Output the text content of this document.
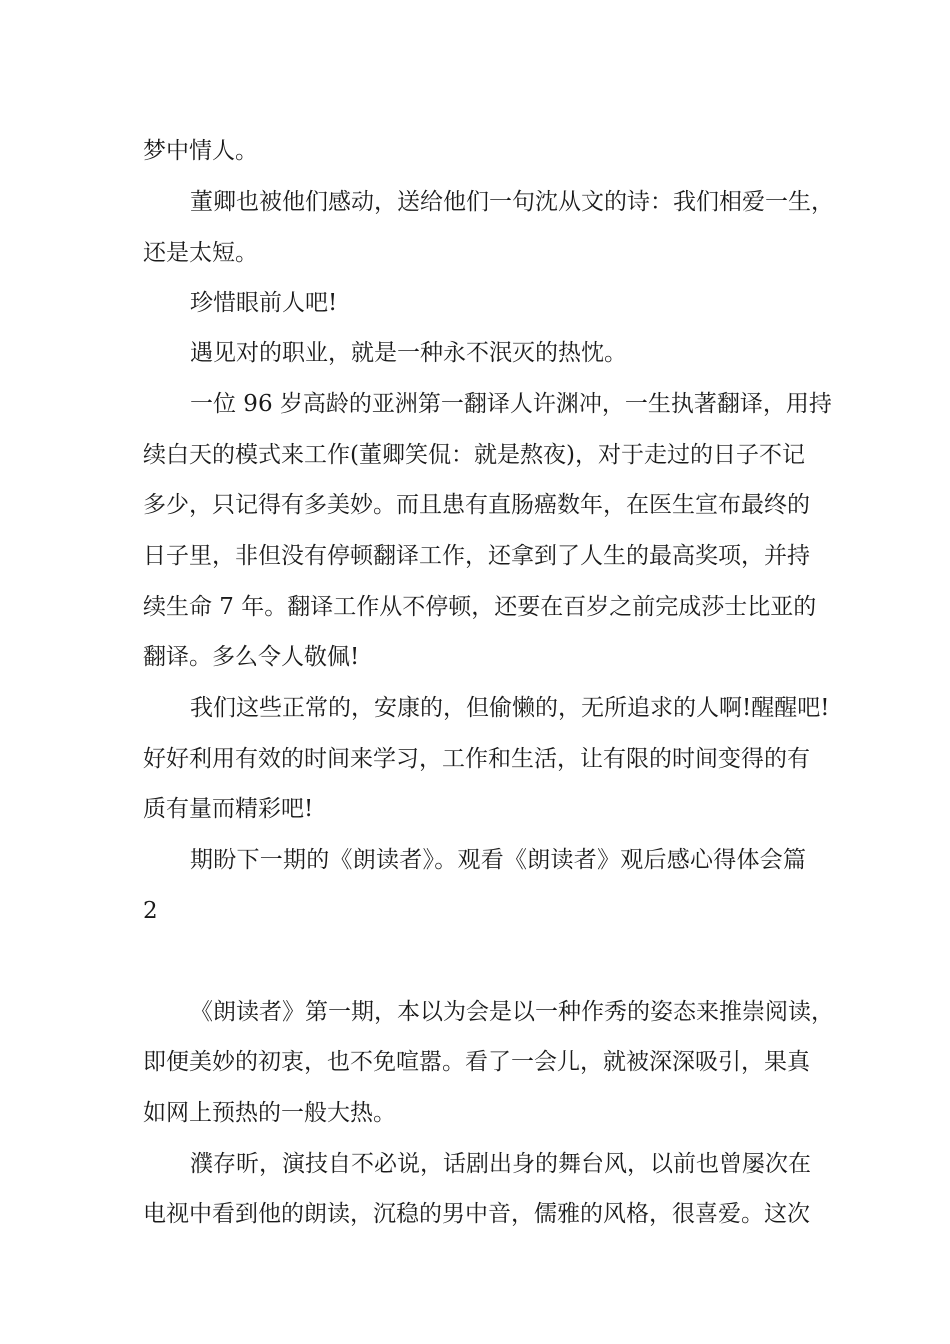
梦中情人。
董卿也被他们感动，送给他们一句沈从文的诗：我们相爱一生，
还是太短。
珍惜眼前人吧!
遇见对的职业，就是一种永不泯灭的热忱。
一位 96 岁高龄的亚洲第一翻译人许渊冲，一生执著翻译，用持
续白天的模式来工作(董卿笑侃：就是熬夜)，对于走过的日子不记
多少，只记得有多美妙。而且患有直肠癌数年，在医生宣布最终的
日子里，非但没有停顿翻译工作，还拿到了人生的最高奖项，并持
续生命 7 年。翻译工作从不停顿，还要在百岁之前完成莎士比亚的
翻译。多么令人敬佩!
我们这些正常的，安康的，但偷懒的，无所追求的人啊!醒醒吧!
好好利用有效的时间来学习，工作和生活，让有限的时间变得的有
质有量而精彩吧!
期盼下一期的《朗读者》。观看《朗读者》观后感心得体会篇
2
《朗读者》第一期，本以为会是以一种作秀的姿态来推崇阅读，
即便美妙的初衷，也不免喧嚣。看了一会儿，就被深深吸引，果真
如网上预热的一般大热。
濮存昕，演技自不必说，话剧出身的舞台风，以前也曾屡次在
电视中看到他的朗读，沉稳的男中音，儒雅的风格，很喜爱。这次
